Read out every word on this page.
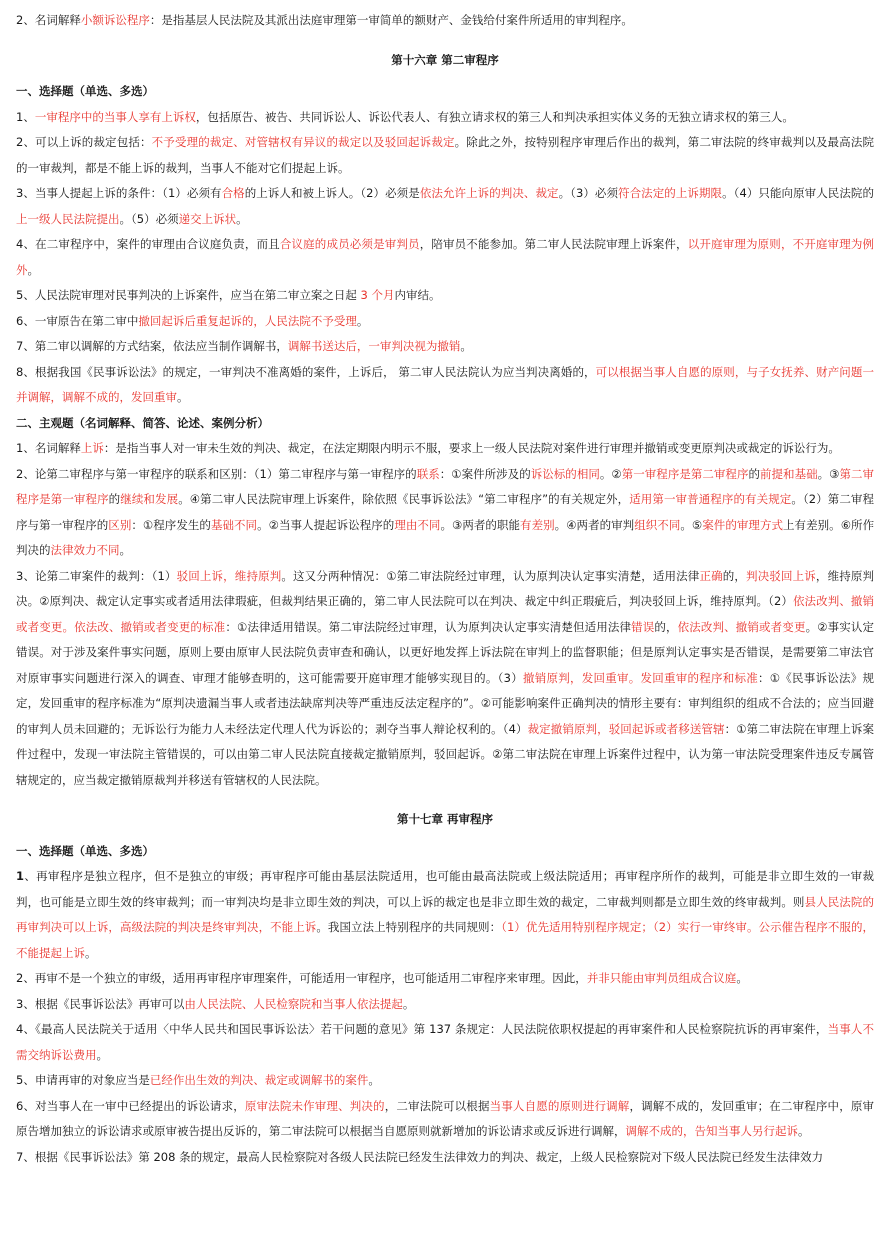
2、名词解释小额诉讼程序：是指基层人民法院及其派出法庭审理第一审简单的额财产、金钱给付案件所适用的审判程序。

第十六章 第二审程序
一、选择题（单选、多选）

1、一审程序中的当事人享有上诉权，包括原告、被告、共同诉讼人、诉讼代表人、有独立请求权的第三人和判决承担实体义务的无独立请求权的第三人。

2、可以上诉的裁定包括：不予受理的裁定、对管辖权有异议的裁定以及驳回起诉裁定。除此之外，按特别程序审理后作出的裁判，第二审法院的终审裁判以及最高法院的一审裁判，都是不能上诉的裁判，当事人不能对它们提起上诉。

3、当事人提起上诉的条件：（1）必须有合格的上诉人和被上诉人。（2）必须是依法允许上诉的判决、裁定。（3）必须符合法定的上诉期限。（4）只能向原审人民法院的上一级人民法院提出。（5）必须递交上诉状。

4、在二审程序中，案件的审理由合议庭负责，而且合议庭的成员必须是审判员，陪审员不能参加。第二审人民法院审理上诉案件，以开庭审理为原则，不开庭审理为例外。

5、人民法院审理对民事判决的上诉案件，应当在第二审立案之日起 3 个月内审结。

6、一审原告在第二审中撤回起诉后重复起诉的，人民法院不予受理。

7、第二审以调解的方式结案，依法应当制作调解书，调解书送达后，一审判决视为撤销。

8、根据我国《民事诉讼法》的规定，一审判决不准离婚的案件，上诉后， 第二审人民法院认为应当判决离婚的，可以根据当事人自愿的原则，与子女抚养、财产问题一并调解，调解不成的，发回重审。

二、主观题（名词解释、简答、论述、案例分析）

1、名词解释上诉：是指当事人对一审未生效的判决、裁定，在法定期限内明示不服，要求上一级人民法院对案件进行审理并撤销或变更原判决或裁定的诉讼行为。

2、论第二审程序与第一审程序的联系和区别：（1）第二审程序与第一审程序的联系：①案件所涉及的诉讼标的相同。②第一审程序是第二审程序的前提和基础。③第二审程序是第一审程序的继续和发展。④第二审人民法院审理上诉案件，除依照《民事诉讼法》“第二审程序”的有关规定外，适用第一审普通程序的有关规定。（2）第二审程序与第一审程序的区别：①程序发生的基础不同。②当事人提起诉讼程序的理由不同。③两者的职能有差别。④两者的审判组织不同。⑤案件的审理方式上有差别。⑥所作判决的法律效力不同。

3、论第二审案件的裁判：（1）驳回上诉，维持原判。这又分两种情况：①第二审法院经过审理，认为原判决认定事实清楚，适用法律正确的，判决驳回上诉，维持原判决。②原判决、裁定认定事实或者适用法律瑕疵，但裁判结果正确的，第二审人民法院可以在判决、裁定中纠正瑕疵后，判决驳回上诉，维持原判。（2）依法改判、撤销或者变更。依法改、撤销或者变更的标准：①法律适用错误。第二审法院经过审理，认为原判决认定事实清楚但适用法律错误的，依法改判、撤销或者变更。②事实认定错误。对于涉及案件事实问题，原则上要由原审人民法院负责审查和确认，以更好地发挥上诉法院在审判上的监督职能；但是原判认定事实是否错误，是需要第二审法官对原审事实问题进行深入的调查、审理才能够查明的，这可能需要开庭审理才能够实现目的。（3）撤销原判，发回重审。发回重审的程序和标准：①《民事诉讼法》规定，发回重审的程序标准为“原判决遗漏当事人或者违法缺席判决等严重违反法定程序的”。②可能影响案件正确判决的情形主要有：审判组织的组成不合法的；应当回避的审判人员未回避的；无诉讼行为能力人未经法定代理人代为诉讼的；剥夺当事人辩论权利的。（4）裁定撤销原判，驳回起诉或者移送管辖：①第二审法院在审理上诉案件过程中，发现一审法院主管错误的，可以由第二审人民法院直接裁定撤销原判，驳回起诉。②第二审法院在审理上诉案件过程中，认为第一审法院受理案件违反专属管辖规定的，应当裁定撤销原裁判并移送有管辖权的人民法院。

第十七章 再审程序
一、选择题（单选、多选）

1、再审程序是独立程序，但不是独立的审级；再审程序可能由基层法院适用，也可能由最高法院或上级法院适用；再审程序所作的裁判，可能是非立即生效的一审裁判，也可能是立即生效的终审裁判；而一审判决均是非立即生效的判决，可以上诉的裁定也是非立即生效的裁定，二审裁判则都是立即生效的终审裁判。则县人民法院的再审判决可以上诉，高级法院的判决是终审判决，不能上诉。我国立法上特别程序的共同规则：（1）优先适用特别程序规定；（2）实行一审终审。公示催告程序不服的，不能提起上诉。

2、再审不是一个独立的审级，适用再审程序审理案件，可能适用一审程序，也可能适用二审程序来审理。因此，并非只能由审判员组成合议庭。

3、根据《民事诉讼法》再审可以由人民法院、人民检察院和当事人依法提起。

4、《最高人民法院关于适用〈中华人民共和国民事诉讼法〉若干问题的意见》第 137 条规定：人民法院依职权提起的再审案件和人民检察院抗诉的再审案件，当事人不需交纳诉讼费用。

5、申请再审的对象应当是已经作出生效的判决、裁定或调解书的案件。

6、对当事人在一审中已经提出的诉讼请求，原审法院未作审理、判决的，二审法院可以根据当事人自愿的原则进行调解，调解不成的，发回重审；在二审程序中，原审原告增加独立的诉讼请求或原审被告提出反诉的，第二审法院可以根据当自愿原则就新增加的诉讼请求或反诉进行调解，调解不成的，告知当事人另行起诉。

7、根据《民事诉讼法》第 208 条的规定，最高人民检察院对各级人民法院已经发生法律效力的判决、裁定，上级人民检察院对下级人民法院已经发生法律效力
